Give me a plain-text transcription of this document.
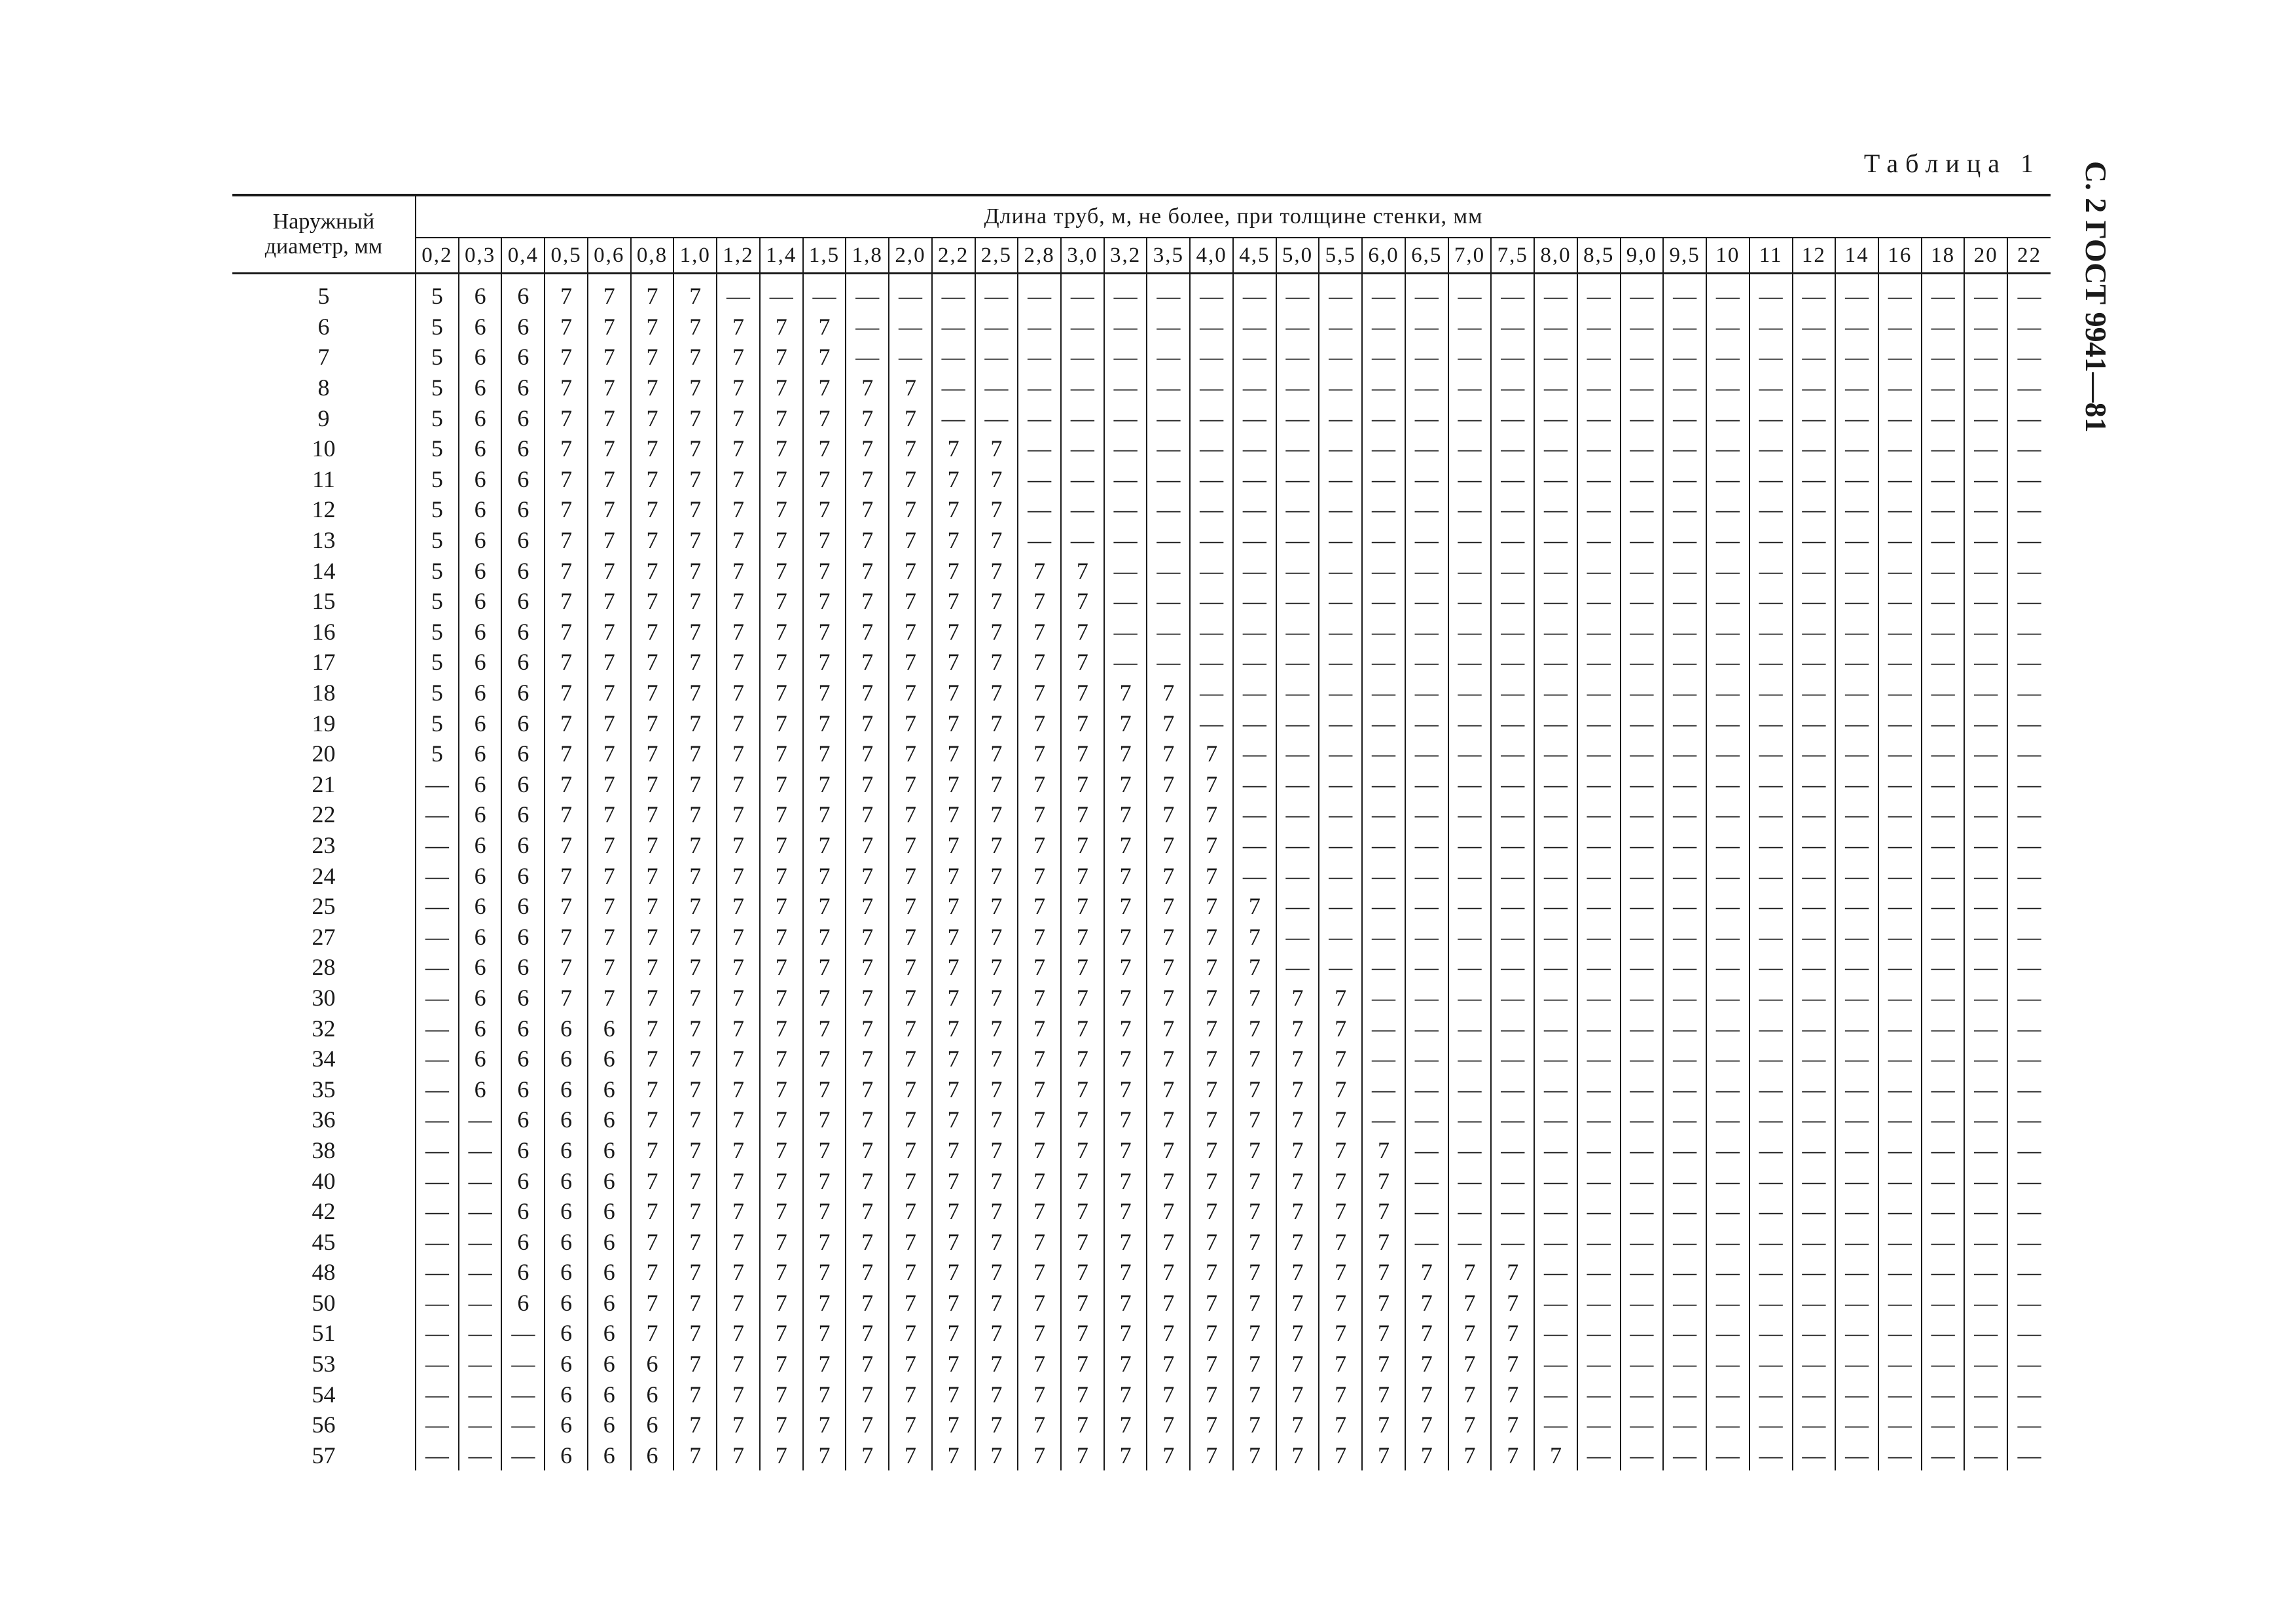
Таблица 1 С. 2 ГОСТ 9941—81
Наружный диаметр, мм	Длина труб, м, не более, при толщине стенки, мм																																					
	0,2	0,3	0,4	0,5	0,6	0,8	1,0	1,2	1,4	1,5	1,8	2,0	2,2	2,5	2,8	3,0	3,2	3,5	4,0	4,5	5,0	5,5	6,0	6,5	7,0	7,5	8,0	8,5	9,0	9,5	10	11	12	14	16	18	20	22
5	5	6	6	7	7	7	7	—	—	—	—	—	—	—	—	—	—	—	—	—	—	—	—	—	—	—	—	—	—	—	—	—	—	—	—	—	—	—
6	5	6	6	7	7	7	7	7	7	7	—	—	—	—	—	—	—	—	—	—	—	—	—	—	—	—	—	—	—	—	—	—	—	—	—	—	—	—
7	5	6	6	7	7	7	7	7	7	7	—	—	—	—	—	—	—	—	—	—	—	—	—	—	—	—	—	—	—	—	—	—	—	—	—	—	—	—
8	5	6	6	7	7	7	7	7	7	7	7	7	—	—	—	—	—	—	—	—	—	—	—	—	—	—	—	—	—	—	—	—	—	—	—	—	—	—
9	5	6	6	7	7	7	7	7	7	7	7	7	—	—	—	—	—	—	—	—	—	—	—	—	—	—	—	—	—	—	—	—	—	—	—	—	—	—
10	5	6	6	7	7	7	7	7	7	7	7	7	7	7	—	—	—	—	—	—	—	—	—	—	—	—	—	—	—	—	—	—	—	—	—	—	—	—
11	5	6	6	7	7	7	7	7	7	7	7	7	7	7	—	—	—	—	—	—	—	—	—	—	—	—	—	—	—	—	—	—	—	—	—	—	—	—
12	5	6	6	7	7	7	7	7	7	7	7	7	7	7	—	—	—	—	—	—	—	—	—	—	—	—	—	—	—	—	—	—	—	—	—	—	—	—
13	5	6	6	7	7	7	7	7	7	7	7	7	7	7	—	—	—	—	—	—	—	—	—	—	—	—	—	—	—	—	—	—	—	—	—	—	—	—
14	5	6	6	7	7	7	7	7	7	7	7	7	7	7	7	7	—	—	—	—	—	—	—	—	—	—	—	—	—	—	—	—	—	—	—	—	—	—
15	5	6	6	7	7	7	7	7	7	7	7	7	7	7	7	7	—	—	—	—	—	—	—	—	—	—	—	—	—	—	—	—	—	—	—	—	—	—
16	5	6	6	7	7	7	7	7	7	7	7	7	7	7	7	7	—	—	—	—	—	—	—	—	—	—	—	—	—	—	—	—	—	—	—	—	—	—
17	5	6	6	7	7	7	7	7	7	7	7	7	7	7	7	7	—	—	—	—	—	—	—	—	—	—	—	—	—	—	—	—	—	—	—	—	—	—
18	5	6	6	7	7	7	7	7	7	7	7	7	7	7	7	7	7	7	—	—	—	—	—	—	—	—	—	—	—	—	—	—	—	—	—	—	—	—
19	5	6	6	7	7	7	7	7	7	7	7	7	7	7	7	7	7	7	—	—	—	—	—	—	—	—	—	—	—	—	—	—	—	—	—	—	—	—
20	5	6	6	7	7	7	7	7	7	7	7	7	7	7	7	7	7	7	7	—	—	—	—	—	—	—	—	—	—	—	—	—	—	—	—	—	—	—
21	—	6	6	7	7	7	7	7	7	7	7	7	7	7	7	7	7	7	7	—	—	—	—	—	—	—	—	—	—	—	—	—	—	—	—	—	—	—
22	—	6	6	7	7	7	7	7	7	7	7	7	7	7	7	7	7	7	7	—	—	—	—	—	—	—	—	—	—	—	—	—	—	—	—	—	—	—
23	—	6	6	7	7	7	7	7	7	7	7	7	7	7	7	7	7	7	7	—	—	—	—	—	—	—	—	—	—	—	—	—	—	—	—	—	—	—
24	—	6	6	7	7	7	7	7	7	7	7	7	7	7	7	7	7	7	7	—	—	—	—	—	—	—	—	—	—	—	—	—	—	—	—	—	—	—
25	—	6	6	7	7	7	7	7	7	7	7	7	7	7	7	7	7	7	7	7	—	—	—	—	—	—	—	—	—	—	—	—	—	—	—	—	—	—
27	—	6	6	7	7	7	7	7	7	7	7	7	7	7	7	7	7	7	7	7	—	—	—	—	—	—	—	—	—	—	—	—	—	—	—	—	—	—
28	—	6	6	7	7	7	7	7	7	7	7	7	7	7	7	7	7	7	7	7	—	—	—	—	—	—	—	—	—	—	—	—	—	—	—	—	—	—
30	—	6	6	7	7	7	7	7	7	7	7	7	7	7	7	7	7	7	7	7	7	7	—	—	—	—	—	—	—	—	—	—	—	—	—	—	—	—
32	—	6	6	6	6	7	7	7	7	7	7	7	7	7	7	7	7	7	7	7	7	7	—	—	—	—	—	—	—	—	—	—	—	—	—	—	—	—
34	—	6	6	6	6	7	7	7	7	7	7	7	7	7	7	7	7	7	7	7	7	7	—	—	—	—	—	—	—	—	—	—	—	—	—	—	—	—
35	—	6	6	6	6	7	7	7	7	7	7	7	7	7	7	7	7	7	7	7	7	7	—	—	—	—	—	—	—	—	—	—	—	—	—	—	—	—
36	—	—	6	6	6	7	7	7	7	7	7	7	7	7	7	7	7	7	7	7	7	7	—	—	—	—	—	—	—	—	—	—	—	—	—	—	—	—
38	—	—	6	6	6	7	7	7	7	7	7	7	7	7	7	7	7	7	7	7	7	7	7	—	—	—	—	—	—	—	—	—	—	—	—	—	—	—
40	—	—	6	6	6	7	7	7	7	7	7	7	7	7	7	7	7	7	7	7	7	7	7	—	—	—	—	—	—	—	—	—	—	—	—	—	—	—
42	—	—	6	6	6	7	7	7	7	7	7	7	7	7	7	7	7	7	7	7	7	7	7	—	—	—	—	—	—	—	—	—	—	—	—	—	—	—
45	—	—	6	6	6	7	7	7	7	7	7	7	7	7	7	7	7	7	7	7	7	7	7	—	—	—	—	—	—	—	—	—	—	—	—	—	—	—
48	—	—	6	6	6	7	7	7	7	7	7	7	7	7	7	7	7	7	7	7	7	7	7	7	7	7	—	—	—	—	—	—	—	—	—	—	—	—
50	—	—	6	6	6	7	7	7	7	7	7	7	7	7	7	7	7	7	7	7	7	7	7	7	7	7	—	—	—	—	—	—	—	—	—	—	—	—
51	—	—	—	6	6	7	7	7	7	7	7	7	7	7	7	7	7	7	7	7	7	7	7	7	7	7	—	—	—	—	—	—	—	—	—	—	—	—
53	—	—	—	6	6	6	7	7	7	7	7	7	7	7	7	7	7	7	7	7	7	7	7	7	7	7	—	—	—	—	—	—	—	—	—	—	—	—
54	—	—	—	6	6	6	7	7	7	7	7	7	7	7	7	7	7	7	7	7	7	7	7	7	7	7	—	—	—	—	—	—	—	—	—	—	—	—
56	—	—	—	6	6	6	7	7	7	7	7	7	7	7	7	7	7	7	7	7	7	7	7	7	7	7	—	—	—	—	—	—	—	—	—	—	—	—
57	—	—	—	6	6	6	7	7	7	7	7	7	7	7	7	7	7	7	7	7	7	7	7	7	7	7	7	—	—	—	—	—	—	—	—	—	—	—
